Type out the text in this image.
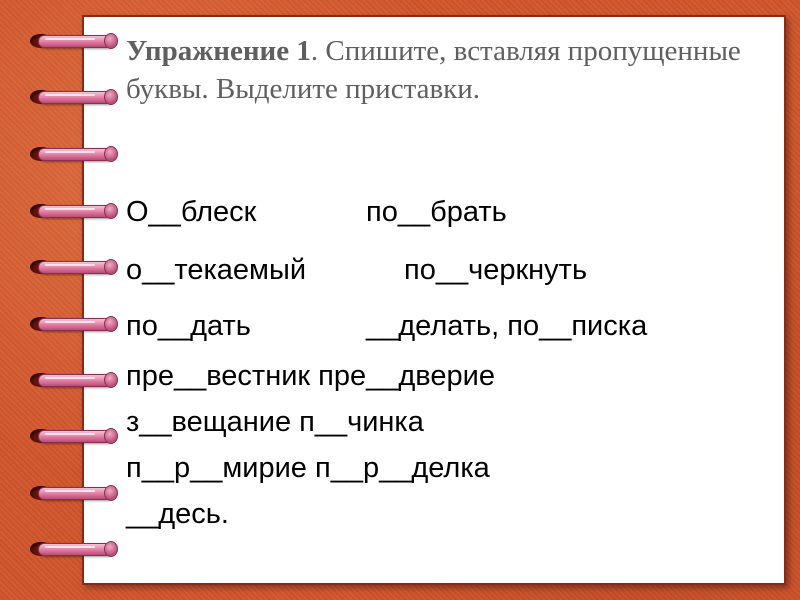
Упражнение 1. Спишите, вставляя пропущенные буквы. Выделите приставки.
О__блеск	по__брать
о__текаемый	по__черкнуть
по__дать	__делать, по__писка
пре__вестник пре__дверие
з__вещание п__чинка
п__р__мирие п__р__делка
__десь.
